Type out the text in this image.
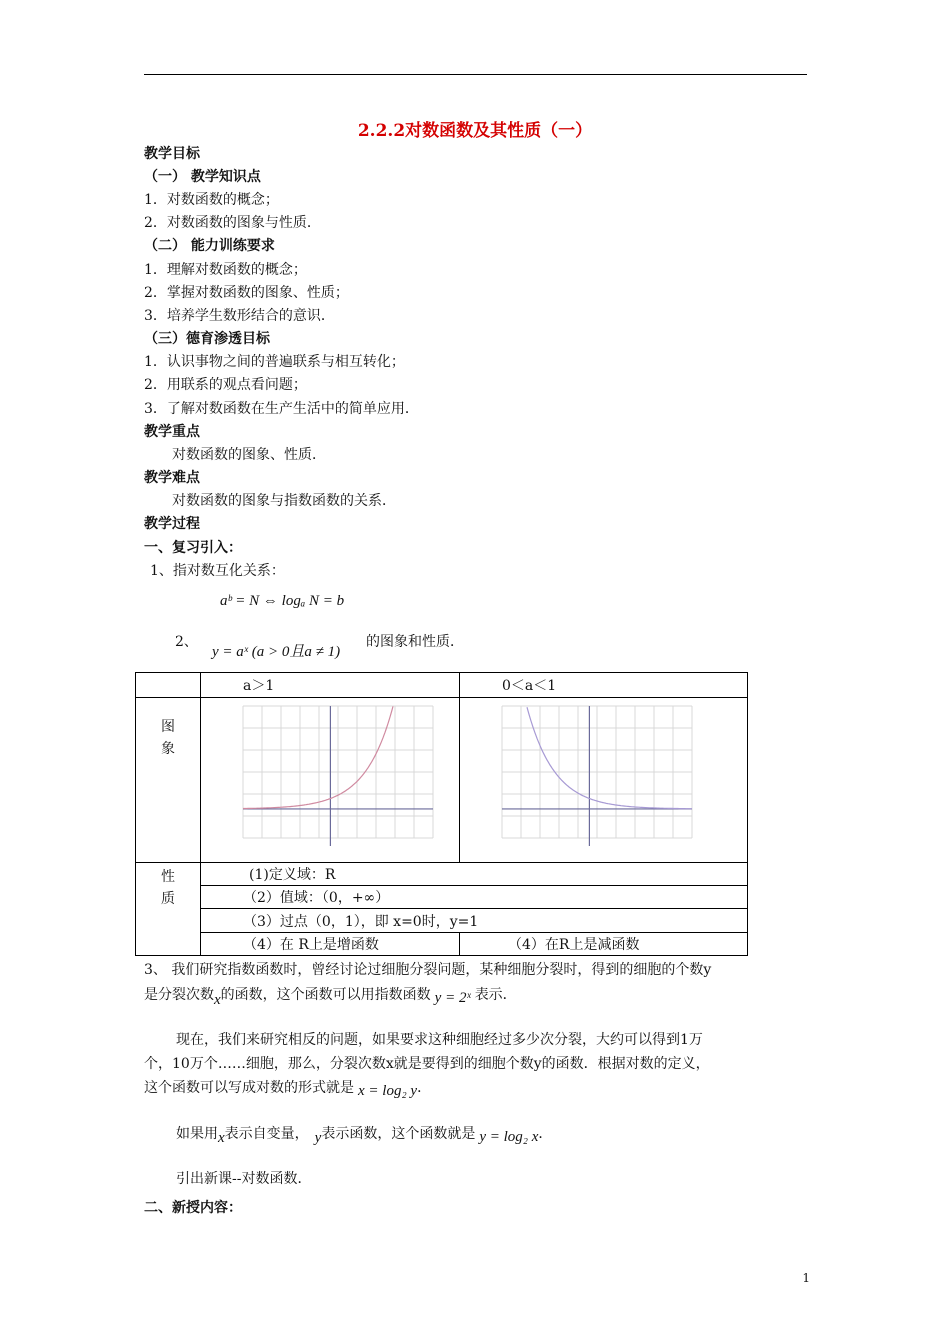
2.2.2对数函数及其性质（一）
教学目标
（一） 教学知识点
1．对数函数的概念；
2．对数函数的图象与性质．
（二） 能力训练要求
1．理解对数函数的概念；
2．掌握对数函数的图象、性质；
3．培养学生数形结合的意识．
（三）德育渗透目标
1．认识事物之间的普遍联系与相互转化；
2．用联系的观点看问题；
3．了解对数函数在生产生活中的简单应用．
教学重点
对数函数的图象、性质．
教学难点
对数函数的图象与指数函数的关系．
教学过程
一、复习引入：
1、指对数互化关系：
aᵇ = N ⇔ logₐ N = b
2、
y = aˣ (a > 0且a ≠ 1)
的图象和性质．
	a＞1	0＜a＜1
图
象		
性
质	(1)定义域：R	
	（2）值域：（0，+∞）	
	（3）过点（0，1），即 x=0时，y=1	
	（4）在 R上是增函数	（4）在R上是减函数
3、 我们研究指数函数时，曾经讨论过细胞分裂问题，某种细胞分裂时，得到的细胞的个数y
是分裂次数x的函数，这个函数可以用指数函数 y = 2ˣ 表示．
现在，我们来研究相反的问题，如果要求这种细胞经过多少次分裂，大约可以得到1万
个，10万个……细胞，那么，分裂次数x就是要得到的细胞个数y的函数．根据对数的定义，
这个函数可以写成对数的形式就是 x = log₂ y．
如果用x表示自变量， y表示函数，这个函数就是 y = log₂ x．
引出新课--对数函数．
二、新授内容：
1
